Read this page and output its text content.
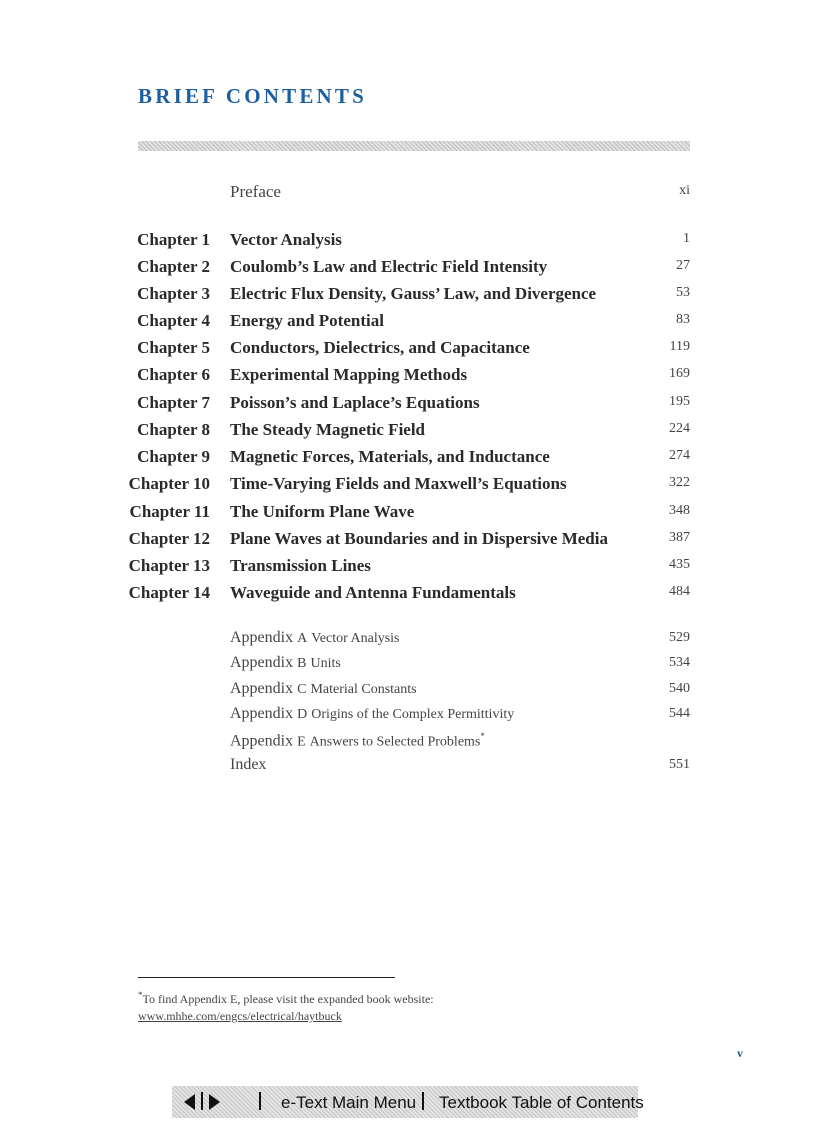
BRIEF CONTENTS
Preface	xi
Chapter 1 Vector Analysis	1
Chapter 2 Coulomb’s Law and Electric Field Intensity	27
Chapter 3 Electric Flux Density, Gauss’ Law, and Divergence	53
Chapter 4 Energy and Potential	83
Chapter 5 Conductors, Dielectrics, and Capacitance	119
Chapter 6 Experimental Mapping Methods	169
Chapter 7 Poisson’s and Laplace’s Equations	195
Chapter 8 The Steady Magnetic Field	224
Chapter 9 Magnetic Forces, Materials, and Inductance	274
Chapter 10 Time-Varying Fields and Maxwell’s Equations	322
Chapter 11 The Uniform Plane Wave	348
Chapter 12 Plane Waves at Boundaries and in Dispersive Media	387
Chapter 13 Transmission Lines	435
Chapter 14 Waveguide and Antenna Fundamentals	484
Appendix A Vector Analysis	529
Appendix B Units	534
Appendix C Material Constants	540
Appendix D Origins of the Complex Permittivity	544
Appendix E Answers to Selected Problems*
Index	551
*To find Appendix E, please visit the expanded book website:
www.mhhe.com/engcs/electrical/haytbuck
v
e-Text Main Menu Textbook Table of Contents
